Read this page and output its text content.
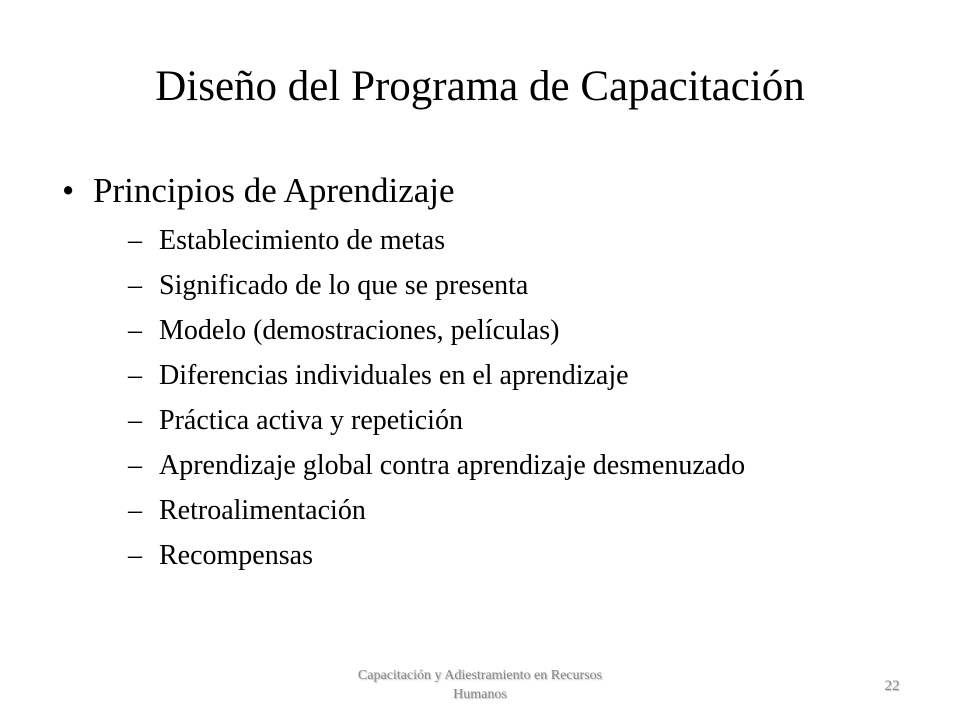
Diseño del Programa de Capacitación
• Principios de Aprendizaje
– Establecimiento de metas
– Significado de lo que se presenta
– Modelo (demostraciones, películas)
– Diferencias individuales en el aprendizaje
– Práctica activa y repetición
– Aprendizaje global contra aprendizaje desmenuzado
– Retroalimentación
– Recompensas
Capacitación y Adiestramiento en Recursos
Humanos
22
